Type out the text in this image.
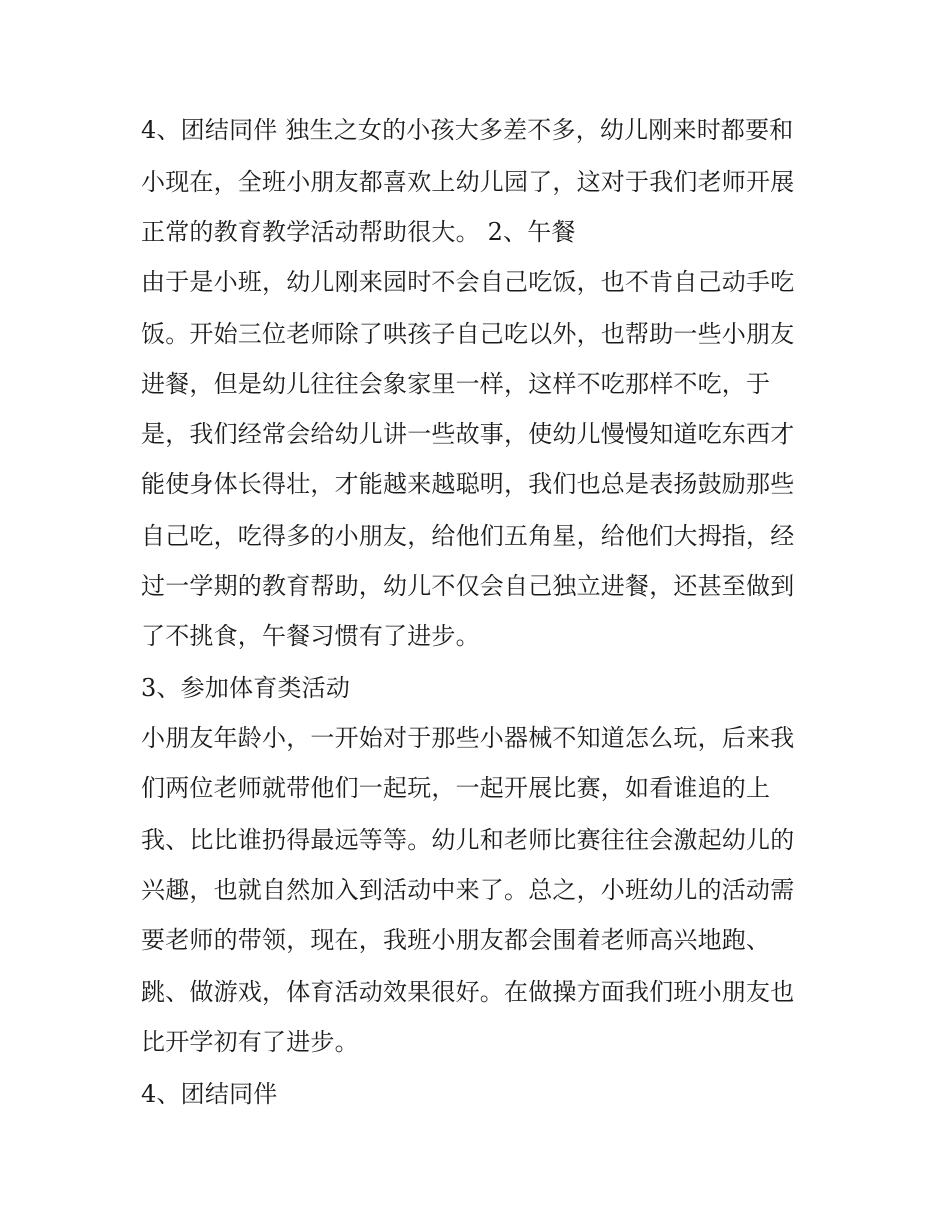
4、团结同伴 独生之女的小孩大多差不多，幼儿刚来时都要和
小现在，全班小朋友都喜欢上幼儿园了，这对于我们老师开展
正常的教育教学活动帮助很大。 2、午餐
由于是小班，幼儿刚来园时不会自己吃饭，也不肯自己动手吃
饭。开始三位老师除了哄孩子自己吃以外，也帮助一些小朋友
进餐，但是幼儿往往会象家里一样，这样不吃那样不吃，于
是，我们经常会给幼儿讲一些故事，使幼儿慢慢知道吃东西才
能使身体长得壮，才能越来越聪明，我们也总是表扬鼓励那些
自己吃，吃得多的小朋友，给他们五角星，给他们大拇指，经
过一学期的教育帮助，幼儿不仅会自己独立进餐，还甚至做到
了不挑食，午餐习惯有了进步。
3、参加体育类活动
小朋友年龄小，一开始对于那些小器械不知道怎么玩，后来我
们两位老师就带他们一起玩，一起开展比赛，如看谁追的上
我、比比谁扔得最远等等。幼儿和老师比赛往往会激起幼儿的
兴趣，也就自然加入到活动中来了。总之，小班幼儿的活动需
要老师的带领，现在，我班小朋友都会围着老师高兴地跑、
跳、做游戏，体育活动效果很好。在做操方面我们班小朋友也
比开学初有了进步。
4、团结同伴
